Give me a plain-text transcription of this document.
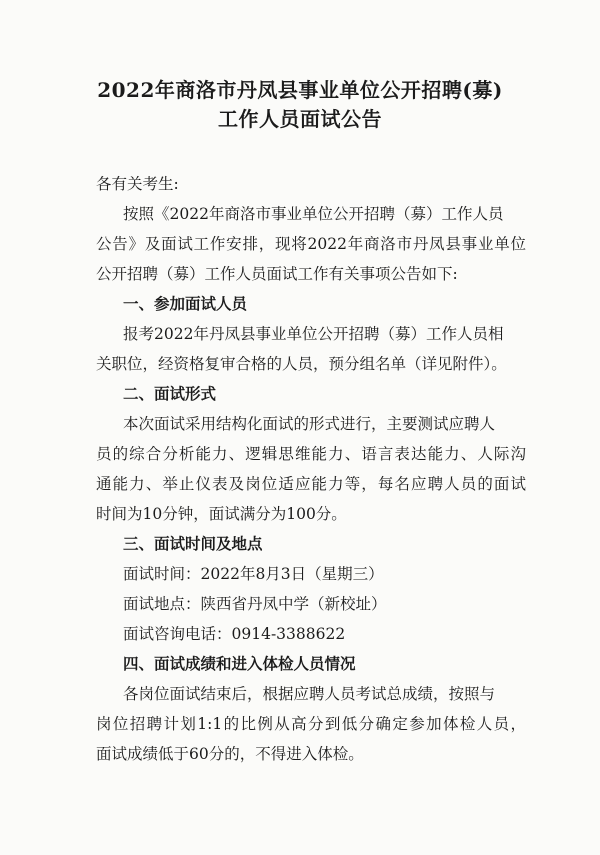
2022年商洛市丹凤县事业单位公开招聘(募)
工作人员面试公告
各有关考生:
按照《2022年商洛市事业单位公开招聘（募）工作人员
公告》及面试工作安排，现将2022年商洛市丹凤县事业单位
公开招聘（募）工作人员面试工作有关事项公告如下:
一、参加面试人员
报考2022年丹凤县事业单位公开招聘（募）工作人员相
关职位，经资格复审合格的人员，预分组名单（详见附件）。
二、面试形式
本次面试采用结构化面试的形式进行，主要测试应聘人
员的综合分析能力、逻辑思维能力、语言表达能力、人际沟
通能力、举止仪表及岗位适应能力等，每名应聘人员的面试
时间为10分钟，面试满分为100分。
三、面试时间及地点
面试时间：2022年8月3日（星期三）
面试地点：陕西省丹凤中学（新校址）
面试咨询电话：0914-3388622
四、面试成绩和进入体检人员情况
各岗位面试结束后，根据应聘人员考试总成绩，按照与
岗位招聘计划1:1的比例从高分到低分确定参加体检人员，
面试成绩低于60分的，不得进入体检。
